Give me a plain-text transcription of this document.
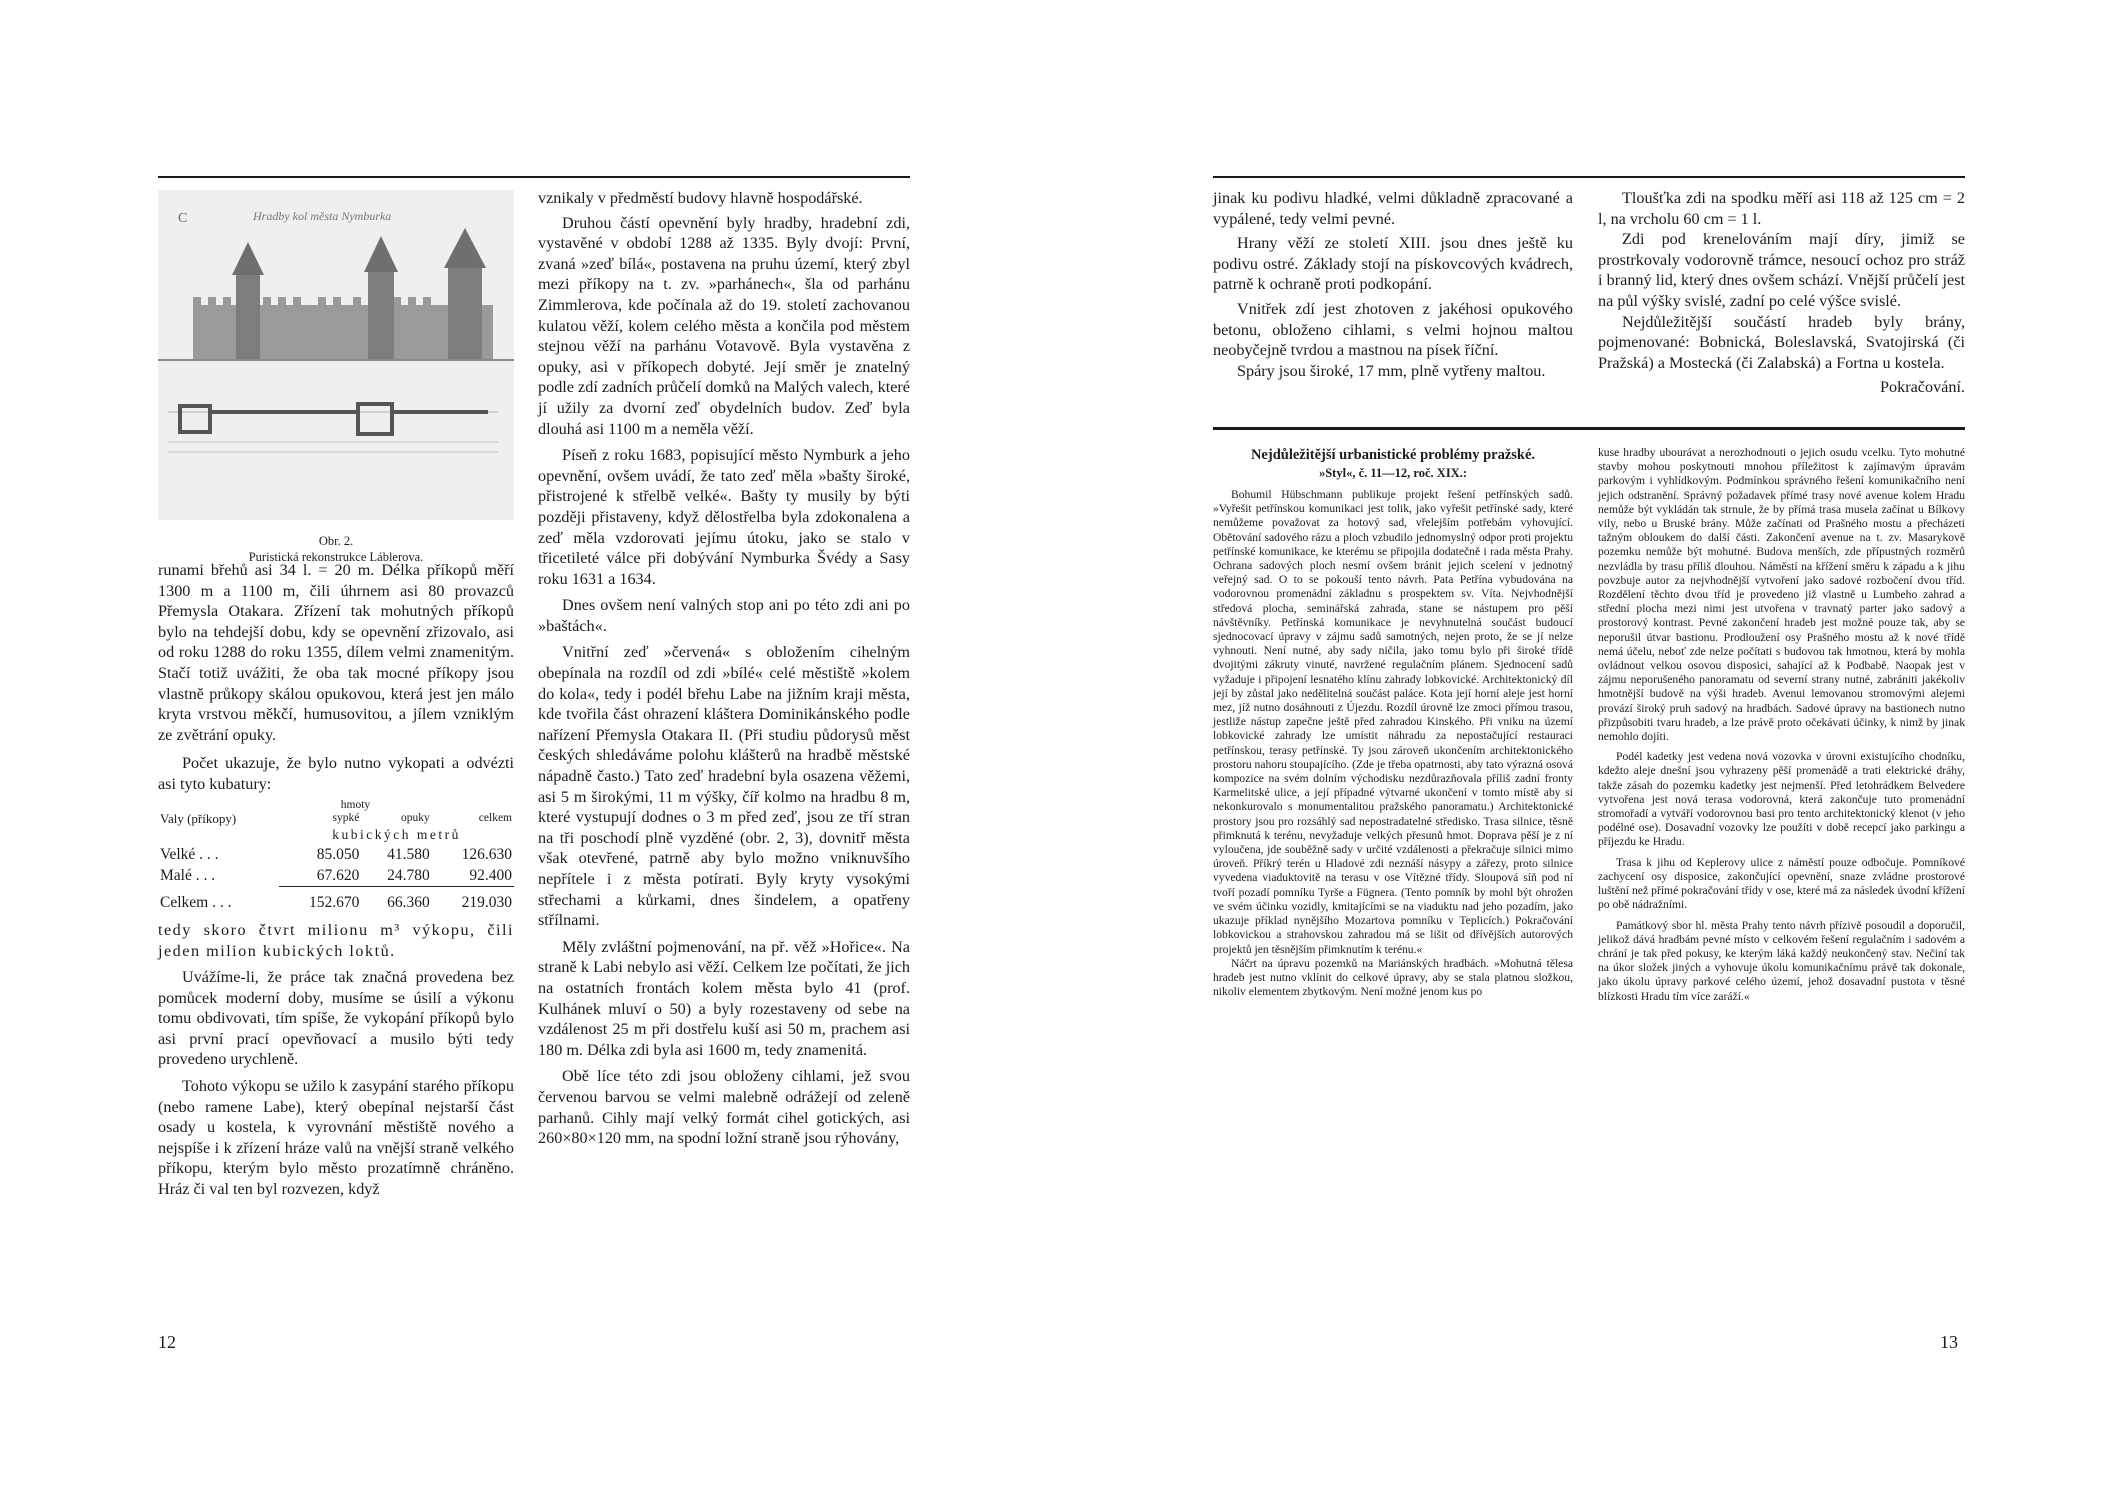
C	Hradby kol města Nymburka
Obr. 2.
Puristická rekonstrukce Láblerova.

runami břehů asi 34 l. = 20 m. Délka příkopů měří 1300 m a 1100 m, čili úhrnem asi 80 provazců Přemysla Otakara. Zřízení tak mohutných příkopů bylo na tehdejší dobu, kdy se opevnění zřizovalo, asi od roku 1288 do roku 1355, dílem velmi znamenitým. Stačí totiž uvážiti, že oba tak mocné příkopy jsou vlastně průkopy skálou opukovou, která jest jen málo kryta vrstvou měkčí, humusovitou, a jílem vzniklým ze zvětrání opuky.

Počet ukazuje, že bylo nutno vykopati a odvézti asi tyto kubatury:

	hmoty		
Valy (příkopy)	sypké	opuky	celkem
	kubických metrů		
Velké . . .	85.050	41.580	126.630
Malé . . .	67.620	24.780	92.400
Celkem . . .	152.670	66.360	219.030

tedy skoro čtvrt milionu m³ výkopu, čili jeden milion kubických loktů.

Uvážíme-li, že práce tak značná provedena bez pomůcek moderní doby, musíme se úsilí a výkonu tomu obdivovati, tím spíše, že vykopání příkopů bylo asi první prací opevňovací a musilo býti tedy provedeno urychleně.

Tohoto výkopu se užilo k zasypání starého příkopu (nebo ramene Labe), který obepínal nejstarší část osady u kostela, k vyrovnání městiště nového a nejspíše i k zřízení hráze valů na vnější straně velkého příkopu, kterým bylo město prozatímně chráněno. Hráz či val ten byl rozvezen, když

vznikaly v předměstí budovy hlavně hospodářské.

Druhou částí opevnění byly hradby, hradební zdi, vystavěné v období 1288 až 1335. Byly dvojí: První, zvaná »zeď bílá«, postavena na pruhu území, který zbyl mezi příkopy na t. zv. »parhánech«, šla od parhánu Zimmlerova, kde počínala až do 19. století zachovanou kulatou věží, kolem celého města a končila pod městem stejnou věží na parhánu Votavově. Byla vystavěna z opuky, asi v příkopech dobyté. Její směr je znatelný podle zdí zadních průčelí domků na Malých valech, které jí užily za dvorní zeď obydelních budov. Zeď byla dlouhá asi 1100 m a neměla věží.

Píseň z roku 1683, popisující město Nymburk a jeho opevnění, ovšem uvádí, že tato zeď měla »bašty široké, přistrojené k střelbě velké«. Bašty ty musily by býti později přistaveny, když dělostřelba byla zdokonalena a zeď měla vzdorovati jejímu útoku, jako se stalo v třicetileté válce při dobývání Nymburka Švédy a Sasy roku 1631 a 1634.

Dnes ovšem není valných stop ani po této zdi ani po »baštách«.

Vnitřní zeď »červená« s obložením cihelným obepínala na rozdíl od zdi »bílé« celé městiště »kolem do kola«, tedy i podél břehu Labe na jižním kraji města, kde tvořila část ohrazení kláštera Dominikánského podle nařízení Přemysla Otakara II. (Při studiu půdorysů měst českých shledáváme polohu klášterů na hradbě městské nápadně často.) Tato zeď hradební byla osazena věžemi, asi 5 m širokými, 11 m výšky, číř kolmo na hradbu 8 m, které vystupují dodnes o 3 m před zeď, jsou ze tří stran na tři poschodí plně vyzděné (obr. 2, 3), dovnitř města však otevřené, patrně aby bylo možno vniknuvšího nepřítele i z města potírati. Byly kryty vysokými střechami a kůrkami, dnes šindelem, a opatřeny střílnami.

Měly zvláštní pojmenování, na př. věž »Hořice«. Na straně k Labi nebylo asi věží. Celkem lze počítati, že jich na ostatních frontách kolem města bylo 41 (prof. Kulhánek mluví o 50) a byly rozestaveny od sebe na vzdálenost 25 m při dostřelu kuší asi 50 m, prachem asi 180 m. Délka zdi byla asi 1600 m, tedy znamenitá.

Obě líce této zdi jsou obloženy cihlami, jež svou červenou barvou se velmi malebně odrážejí od zeleně parhanů. Cihly mají velký formát cihel gotických, asi 260×80×120 mm, na spodní ložní straně jsou rýhovány,

12

jinak ku podivu hladké, velmi důkladně zpracované a vypálené, tedy velmi pevné.

Hrany věží ze století XIII. jsou dnes ještě ku podivu ostré. Základy stojí na pískovcových kvádrech, patrně k ochraně proti podkopání.

Vnitřek zdí jest zhotoven z jakéhosi opukového betonu, obloženo cihlami, s velmi hojnou maltou neobyčejně tvrdou a mastnou na písek říční.

Spáry jsou široké, 17 mm, plně vytřeny maltou.

Tloušťka zdi na spodku měří asi 118 až 125 cm = 2 l, na vrcholu 60 cm = 1 l.

Zdi pod krenelováním mají díry, jimiž se prostrkovaly vodorovně trámce, nesoucí ochoz pro stráž i branný lid, který dnes ovšem schází. Vnější průčelí jest na půl výšky svislé, zadní po celé výšce svislé.

Nejdůležitější součástí hradeb byly brány, pojmenované: Bobnická, Boleslavská, Svatojirská (či Pražská) a Mostecká (či Zalabská) a Fortna u kostela.

Pokračování.
Nejdůležitější urbanistické problémy pražské.
»Styl«, č. 11—12, roč. XIX.:

Bohumil Hübschmann publikuje projekt řešení petřínských sadů. »Vyřešit petřínskou komunikaci jest tolik, jako vyřešit petřínské sady, které nemůžeme považovat za hotový sad, vřelejším potřebám vyhovující. Obětování sadového rázu a ploch vzbudilo jednomyslný odpor proti projektu petřínské komunikace, ke kterému se připojila dodatečně i rada města Prahy. Ochrana sadových ploch nesmí ovšem bránit jejich scelení v jednotný veřejný sad. O to se pokouší tento návrh. Pata Petřína vybudována na vodorovnou promenádní základnu s prospektem sv. Víta. Nejvhodnější středová plocha, seminářská zahrada, stane se nástupem pro pěší návštěvníky. Petřínská komunikace je nevyhnutelná součást budoucí sjednocovací úpravy v zájmu sadů samotných, nejen proto, že se jí nelze vyhnouti. Není nutné, aby sady ničila, jako tomu bylo při široké třídě dvojitými zákruty vinuté, navržené regulačním plánem. Sjednocení sadů vyžaduje i připojení lesnatého klínu zahrady lobkovické. Architektonický díl její by zůstal jako nedělitelná součást paláce. Kota její horní aleje jest horní mez, jíž nutno dosáhnouti z Újezdu. Rozdíl úrovně lze zmoci přímou trasou, jestliže nástup zapečne ještě před zahradou Kinského. Při vniku na území lobkovické zahrady lze umístit náhradu za nepostačující restauraci petřínskou, terasy petřínské. Ty jsou zároveň ukončením architektonického prostoru nahoru stoupajícího. (Zde je třeba opatrnosti, aby tato výrazná osová kompozice na svém dolním východisku nezdůrazňovala příliš zadní fronty Karmelitské ulice, a její případné výtvarné ukončení v tomto místě aby si nekonkurovalo s monumentalitou pražského panoramatu.) Architektonické prostory jsou pro rozsáhlý sad nepostradatelné středisko. Trasa silnice, těsně přimknutá k terénu, nevyžaduje velkých přesunů hmot. Doprava pěší je z ní vyloučena, jde souběžně sady v určité vzdálenosti a překračuje silnici mimo úroveň. Příkrý terén u Hladové zdi neznáší násypy a zářezy, proto silnice vyvedena viaduktovitě na terasu v ose Vítězné třídy. Sloupová síň pod ní tvoří pozadí pomníku Tyrše a Fügnera. (Tento pomník by mohl být ohrožen ve svém účinku vozidly, kmitajícími se na viaduktu nad jeho pozadím, jako ukazuje příklad nynějšího Mozartova pomníku v Teplicích.) Pokračování lobkovickou a strahovskou zahradou má se lišit od dřívějších autorových projektů jen těsnějším přimknutím k terénu.«

Náčrt na úpravu pozemků na Mariánských hradbách. »Mohutná tělesa hradeb jest nutno vklínit do celkové úpravy, aby se stala platnou složkou, nikoliv elementem zbytkovým. Není možné jenom kus po

kuse hradby ubourávat a nerozhodnouti o jejich osudu vcelku. Tyto mohutné stavby mohou poskytnouti mnohou příležitost k zajímavým úpravám parkovým i vyhlídkovým. Podmínkou správného řešení komunikačního není jejich odstranění. Správný požadavek přímé trasy nové avenue kolem Hradu nemůže být vykládán tak strnule, že by přímá trasa musela začínat u Bílkovy vily, nebo u Bruské brány. Může začínati od Prašného mostu a přecházeti tažným obloukem do další části. Zakončení avenue na t. zv. Masarykově pozemku nemůže být mohutné. Budova menších, zde přípustných rozměrů nezvládla by trasu příliš dlouhou. Náměstí na křížení směru k západu a k jihu povzbuje autor za nejvhodnější vytvoření jako sadové rozbočení dvou tříd. Rozdělení těchto dvou tříd je provedeno již vlastně u Lumbeho zahrad a střední plocha mezi nimi jest utvořena v travnatý parter jako sadový a prostorový kontrast. Pevné zakončení hradeb jest možné pouze tak, aby se neporušil útvar bastionu. Prodloužení osy Prašného mostu až k nové třídě nemá účelu, neboť zde nelze počítati s budovou tak hmotnou, která by mohla ovládnout velkou osovou disposici, sahající až k Podbabě. Naopak jest v zájmu neporušeného panoramatu od severní strany nutné, zabrániti jakékoliv hmotnější budově na výši hradeb. Avenui lemovanou stromovými alejemi provází široký pruh sadový na hradbách. Sadové úpravy na bastionech nutno přizpůsobiti tvaru hradeb, a lze právě proto očekávati účinky, k nimž by jinak nemohlo dojíti.

Podél kadetky jest vedena nová vozovka v úrovni existujícího chodníku, kdežto aleje dnešní jsou vyhrazeny pěší promenádě a trati elektrické dráhy, takže zásah do pozemku kadetky jest nejmenší. Před letohrádkem Belvedere vytvořena jest nová terasa vodorovná, která zakončuje tuto promenádní stromořadí a vytváří vodorovnou basi pro tento architektonický klenot (v jeho podélné ose). Dosavadní vozovky lze použíti v době recepcí jako parkingu a příjezdu ke Hradu.

Trasa k jihu od Keplerovy ulice z náměstí pouze odbočuje. Pomníkové zachycení osy disposice, zakončující opevnění, snaze zvládne prostorové luštění než přímé pokračování třídy v ose, které má za následek úvodní křížení po obě nádražními.

Památkový sbor hl. města Prahy tento návrh přízivě posoudil a doporučil, jelikož dává hradbám pevné místo v celkovém řešení regulačním i sadovém a chrání je tak před pokusy, ke kterým láká každý neukončený stav. Nečiní tak na úkor složek jiných a vyhovuje úkolu komunikačnímu právě tak dokonale, jako úkolu úpravy parkové celého území, jehož dosavadní pustota v těsné blízkosti Hradu tím více zaráží.«

13
